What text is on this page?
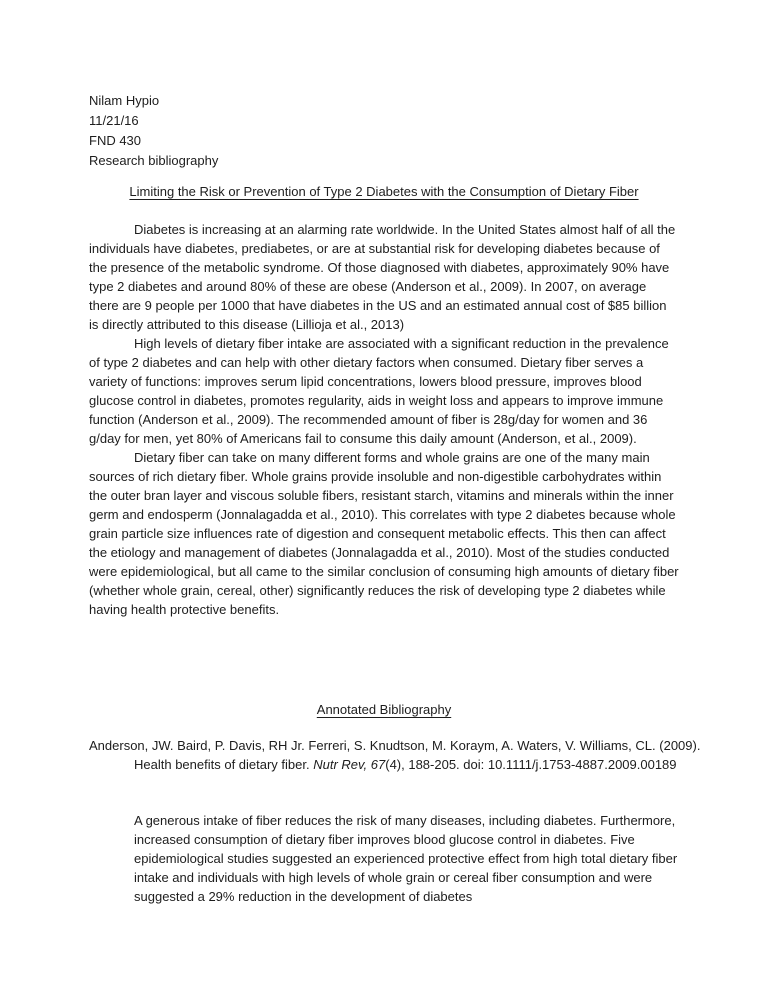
Nilam Hypio
11/21/16
FND 430
Research bibliography
Limiting the Risk or Prevention of Type 2 Diabetes with the Consumption of Dietary Fiber

Diabetes is increasing at an alarming rate worldwide. In the United States almost half of all the individuals have diabetes, prediabetes, or are at substantial risk for developing diabetes because of the presence of the metabolic syndrome. Of those diagnosed with diabetes, approximately 90% have type 2 diabetes and around 80% of these are obese (Anderson et al., 2009). In 2007, on average there are 9 people per 1000 that have diabetes in the US and an estimated annual cost of $85 billion is directly attributed to this disease (Lillioja et al., 2013)

High levels of dietary fiber intake are associated with a significant reduction in the prevalence of type 2 diabetes and can help with other dietary factors when consumed. Dietary fiber serves a variety of functions: improves serum lipid concentrations, lowers blood pressure, improves blood glucose control in diabetes, promotes regularity, aids in weight loss and appears to improve immune function (Anderson et al., 2009). The recommended amount of fiber is 28g/day for women and 36 g/day for men, yet 80% of Americans fail to consume this daily amount (Anderson, et al., 2009).

Dietary fiber can take on many different forms and whole grains are one of the many main sources of rich dietary fiber. Whole grains provide insoluble and non-digestible carbohydrates within the outer bran layer and viscous soluble fibers, resistant starch, vitamins and minerals within the inner germ and endosperm (Jonnalagadda et al., 2010). This correlates with type 2 diabetes because whole grain particle size influences rate of digestion and consequent metabolic effects. This then can affect the etiology and management of diabetes (Jonnalagadda et al., 2010). Most of the studies conducted were epidemiological, but all came to the similar conclusion of consuming high amounts of dietary fiber (whether whole grain, cereal, other) significantly reduces the risk of developing type 2 diabetes while having health protective benefits.

Annotated Bibliography

Anderson, JW. Baird, P. Davis, RH Jr. Ferreri, S. Knudtson, M. Koraym, A. Waters, V. Williams, CL. (2009). Health benefits of dietary fiber. Nutr Rev, 67(4), 188-205. doi: 10.1111/j.1753-4887.2009.00189

A generous intake of fiber reduces the risk of many diseases, including diabetes. Furthermore, increased consumption of dietary fiber improves blood glucose control in diabetes. Five epidemiological studies suggested an experienced protective effect from high total dietary fiber intake and individuals with high levels of whole grain or cereal fiber consumption and were suggested a 29% reduction in the development of diabetes
